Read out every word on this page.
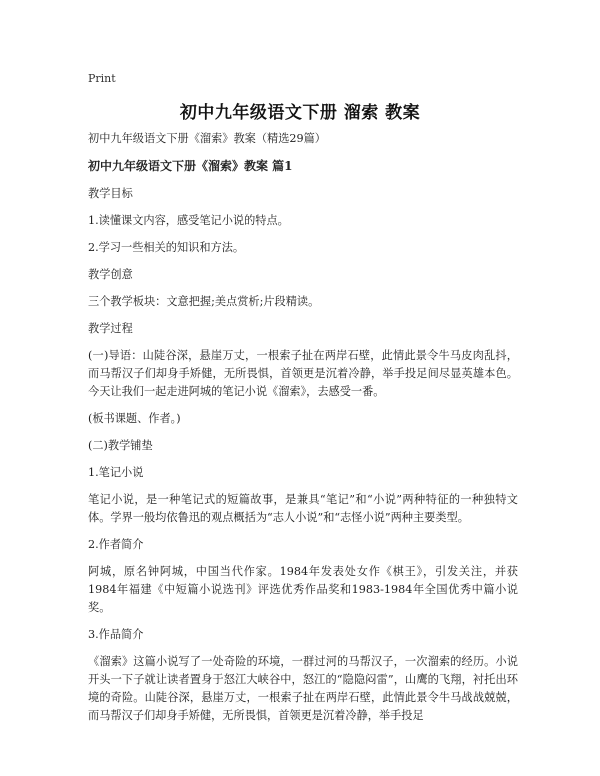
Print
初中九年级语文下册 溜索 教案

初中九年级语文下册《溜索》教案（精选29篇）

初中九年级语文下册《溜索》教案 篇1

教学目标

1.读懂课文内容，感受笔记小说的特点。

2.学习一些相关的知识和方法。

教学创意

三个教学板块：文意把握;美点赏析;片段精读。

教学过程

(一)导语：山陡谷深，悬崖万丈，一根索子扯在两岸石壁，此情此景令牛马皮肉乱抖，而马帮汉子们却身手矫健，无所畏惧，首领更是沉着冷静，举手投足间尽显英雄本色。今天让我们一起走进阿城的笔记小说《溜索》，去感受一番。

(板书课题、作者。)

(二)教学铺垫

1.笔记小说

笔记小说，是一种笔记式的短篇故事，是兼具“笔记”和“小说”两种特征的一种独特文体。学界一般均依鲁迅的观点概括为“志人小说”和“志怪小说”两种主要类型。

2.作者简介

阿城，原名钟阿城，中国当代作家。1984年发表处女作《棋王》，引发关注，并获1984年福建《中短篇小说选刊》评选优秀作品奖和1983-1984年全国优秀中篇小说奖。

3.作品简介

《溜索》这篇小说写了一处奇险的环境，一群过河的马帮汉子，一次溜索的经历。小说开头一下子就让读者置身于怒江大峡谷中，怒江的“隐隐闷雷”，山鹰的飞翔，衬托出环境的奇险。山陡谷深，悬崖万丈，一根索子扯在两岸石壁，此情此景令牛马战战兢兢，而马帮汉子们却身手矫健，无所畏惧，首领更是沉着冷静，举手投足
